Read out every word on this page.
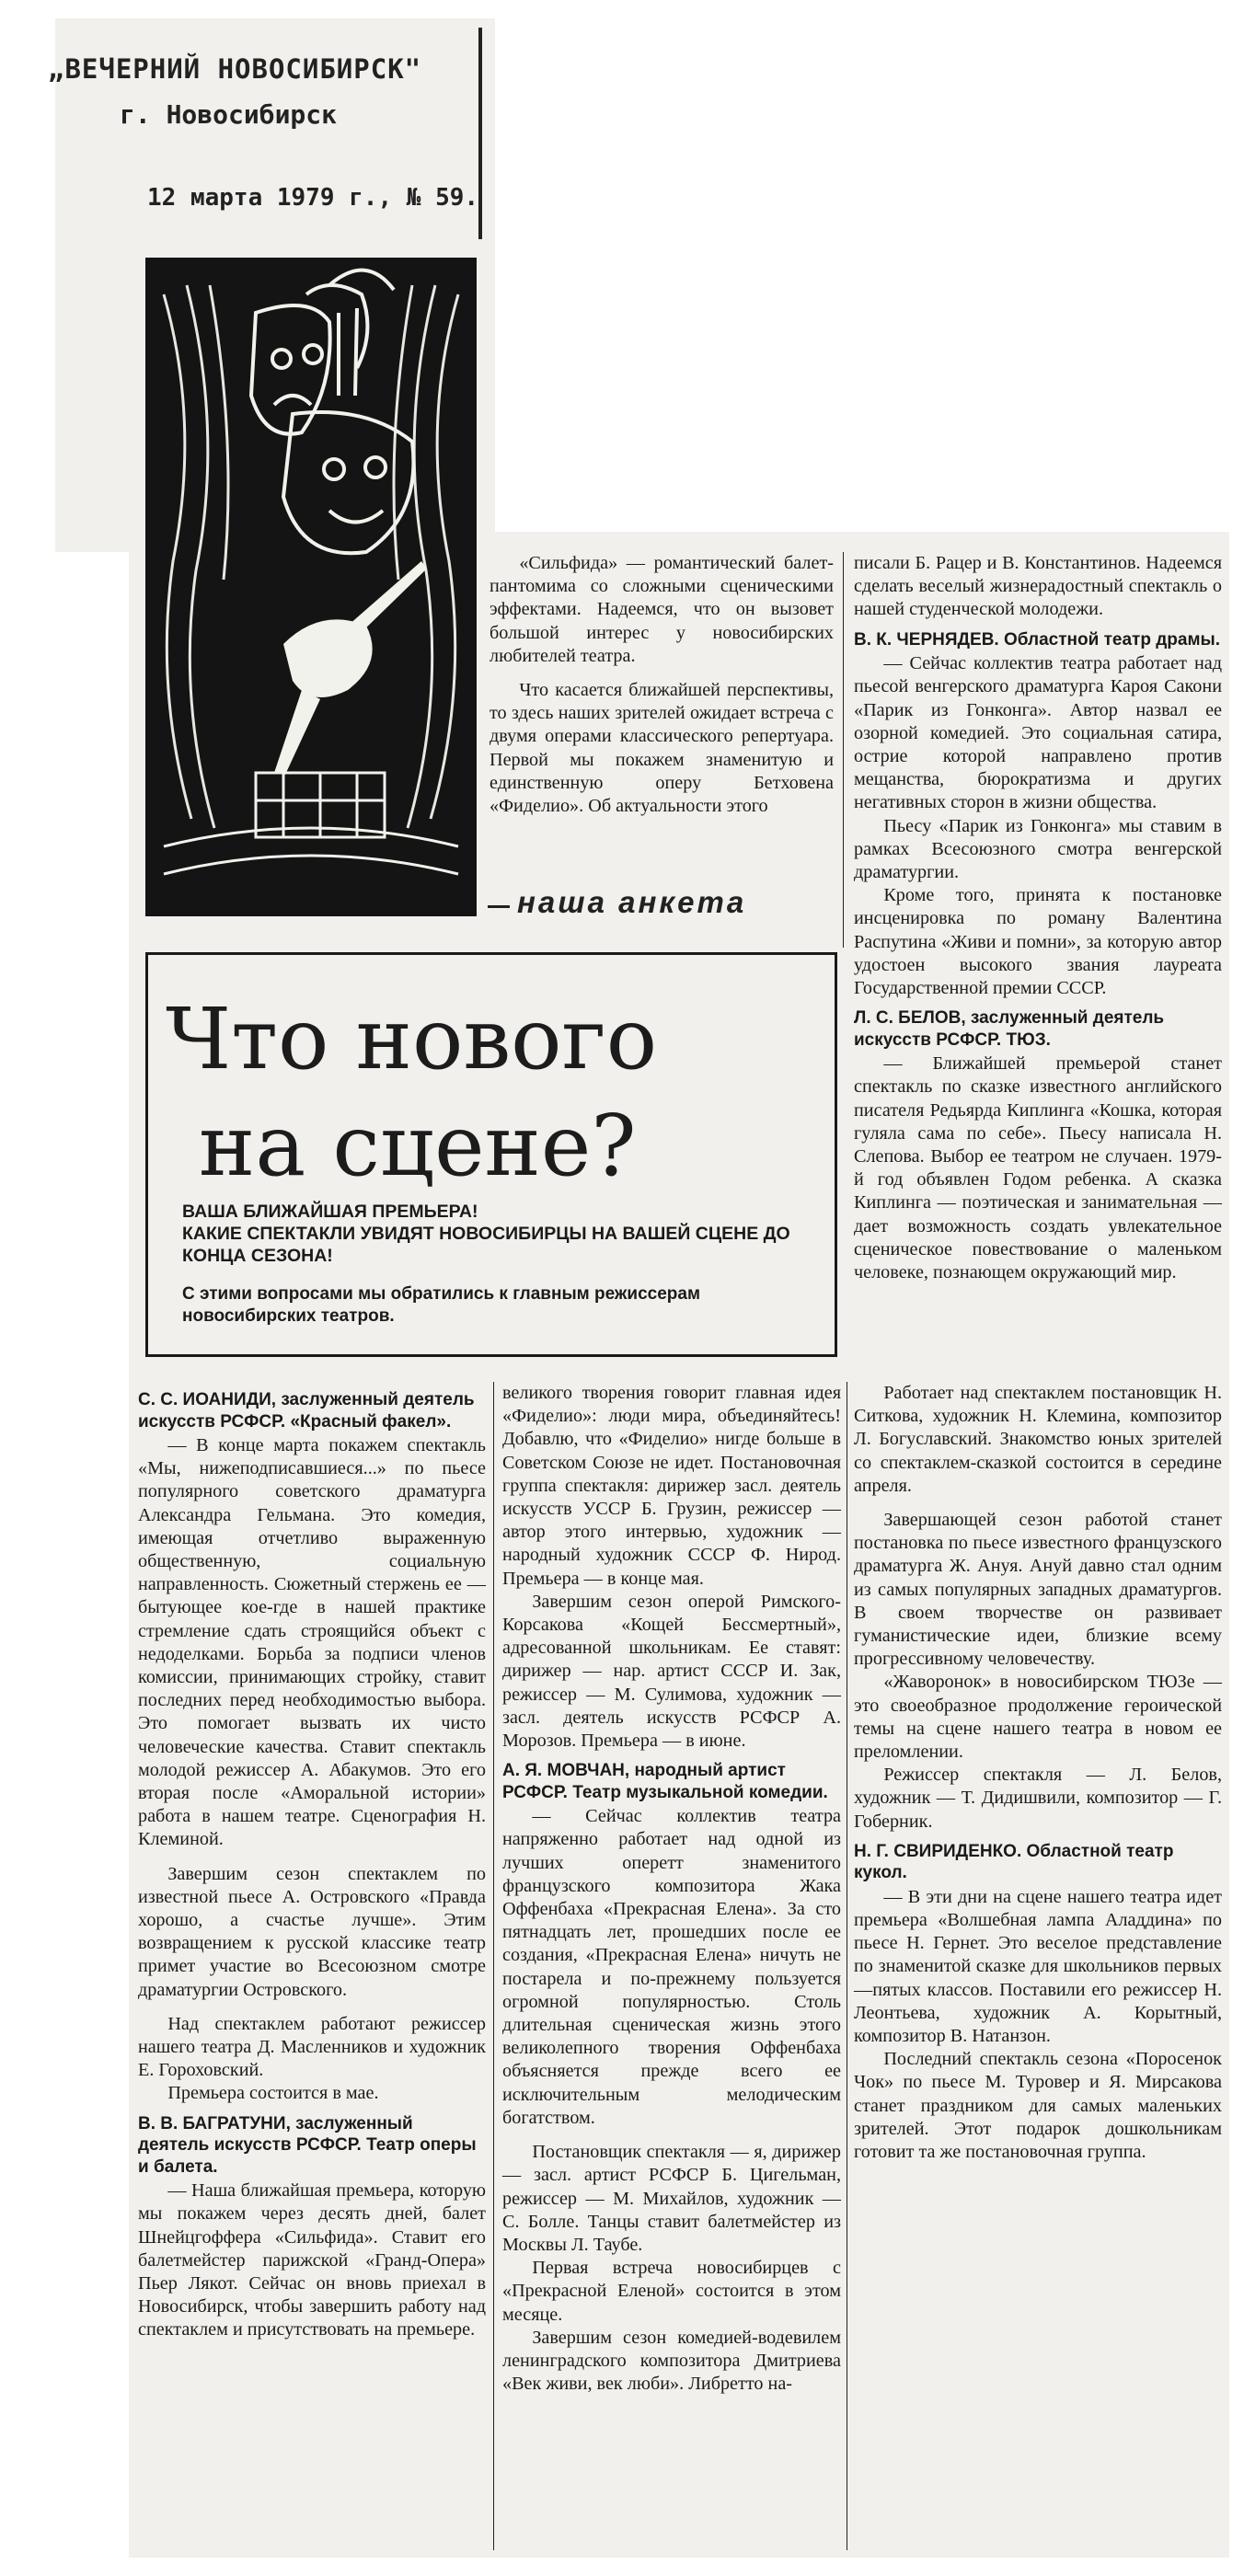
„ВЕЧЕРНИЙ НОВОСИБИРСК"
г. Новосибирск
12 марта 1979 г., № 59.

«Сильфида» — романтический балет-пантомима со сложными сценическими эффектами. Надеемся, что он вызовет большой интерес у новосибирских любителей театра.

Что касается ближайшей перспективы, то здесь наших зрителей ожидает встреча с двумя операми классического репертуара. Первой мы покажем знаменитую и единственную оперу Бетховена «Фиделио». Об актуальности этого

писали Б. Рацер и В. Константинов. Надеемся сделать веселый жизнерадостный спектакль о нашей студенческой молодежи.

В. К. ЧЕРНЯДЕВ. Областной театр драмы.

— Сейчас коллектив театра работает над пьесой венгерского драматурга Кароя Сакони «Парик из Гонконга». Автор назвал ее озорной комедией. Это социальная сатира, острие которой направлено против мещанства, бюрократизма и других негативных сторон в жизни общества.

Пьесу «Парик из Гонконга» мы ставим в рамках Всесоюзного смотра венгерской драматургии.

Кроме того, принята к постановке инсценировка по роману Валентина Распутина «Живи и помни», за которую автор удостоен высокого звания лауреата Государственной премии СССР.

Л. С. БЕЛОВ, заслуженный деятель искусств РСФСР. ТЮЗ.

— Ближайшей премьерой станет спектакль по сказке известного английского писателя Редьярда Киплинга «Кошка, которая гуляла сама по себе». Пьесу написала Н. Слепова. Выбор ее театром не случаен. 1979-й год объявлен Годом ребенка. А сказка Киплинга — поэтическая и занимательная — дает возможность создать увлекательное сценическое повествование о маленьком человеке, познающем окружающий мир.

наша анкета
Что нового
на сцене?
ВАША БЛИЖАЙШАЯ ПРЕМЬЕРА!
КАКИЕ СПЕКТАКЛИ УВИДЯТ НОВОСИБИРЦЫ НА ВАШЕЙ СЦЕНЕ ДО КОНЦА СЕЗОНА!
С этими вопросами мы обратились к главным режиссерам новосибирских театров.

С. С. ИОАНИДИ, заслуженный деятель искусств РСФСР. «Красный факел».

— В конце марта покажем спектакль «Мы, нижеподписавшиеся...» по пьесе популярного советского драматурга Александра Гельмана. Это комедия, имеющая отчетливо выраженную общественную, социальную направленность. Сюжетный стержень ее — бытующее кое-где в нашей практике стремление сдать строящийся объект с недоделками. Борьба за подписи членов комиссии, принимающих стройку, ставит последних перед необходимостью выбора. Это помогает вызвать их чисто человеческие качества. Ставит спектакль молодой режиссер А. Абакумов. Это его вторая после «Аморальной истории» работа в нашем театре. Сценография Н. Клеминой.

Завершим сезон спектаклем по известной пьесе А. Островского «Правда хорошо, а счастье лучше». Этим возвращением к русской классике театр примет участие во Всесоюзном смотре драматургии Островского.

Над спектаклем работают режиссер нашего театра Д. Масленников и художник Е. Гороховский.

Премьера состоится в мае.

В. В. БАГРАТУНИ, заслуженный деятель искусств РСФСР. Театр оперы и балета.

— Наша ближайшая премьера, которую мы покажем через десять дней, балет Шнейцгоффера «Сильфида». Ставит его балетмейстер парижской «Гранд-Опера» Пьер Лякот. Сейчас он вновь приехал в Новосибирск, чтобы завершить работу над спектаклем и присутствовать на премьере.

великого творения говорит главная идея «Фиделио»: люди мира, объединяйтесь! Добавлю, что «Фиделио» нигде больше в Советском Союзе не идет. Постановочная группа спектакля: дирижер засл. деятель искусств УССР Б. Грузин, режиссер — автор этого интервью, художник — народный художник СССР Ф. Нирод. Премьера — в конце мая.

Завершим сезон оперой Римского-Корсакова «Кощей Бессмертный», адресованной школьникам. Ее ставят: дирижер — нар. артист СССР И. Зак, режиссер — М. Сулимова, художник — засл. деятель искусств РСФСР А. Морозов. Премьера — в июне.

А. Я. МОВЧАН, народный артист РСФСР. Театр музыкальной комедии.

— Сейчас коллектив театра напряженно работает над одной из лучших оперетт знаменитого французского композитора Жака Оффенбаха «Прекрасная Елена». За сто пятнадцать лет, прошедших после ее создания, «Прекрасная Елена» ничуть не постарела и по-прежнему пользуется огромной популярностью. Столь длительная сценическая жизнь этого великолепного творения Оффенбаха объясняется прежде всего ее исключительным мелодическим богатством.

Постановщик спектакля — я, дирижер — засл. артист РСФСР Б. Цигельман, режиссер — М. Михайлов, художник — С. Болле. Танцы ставит балетмейстер из Москвы Л. Таубе.

Первая встреча новосибирцев с «Прекрасной Еленой» состоится в этом месяце.

Завершим сезон комедией-водевилем ленинградского композитора Дмитриева «Век живи, век люби». Либретто на-

Работает над спектаклем постановщик Н. Ситкова, художник Н. Клемина, композитор Л. Богуславский. Знакомство юных зрителей со спектаклем-сказкой состоится в середине апреля.

Завершающей сезон работой станет постановка по пьесе известного французского драматурга Ж. Ануя. Ануй давно стал одним из самых популярных западных драматургов. В своем творчестве он развивает гуманистические идеи, близкие всему прогрессивному человечеству.

«Жаворонок» в новосибирском ТЮЗе — это своеобразное продолжение героической темы на сцене нашего театра в новом ее преломлении.

Режиссер спектакля — Л. Белов, художник — Т. Дидишвили, композитор — Г. Гоберник.

Н. Г. СВИРИДЕНКО. Областной театр кукол.

— В эти дни на сцене нашего театра идет премьера «Волшебная лампа Аладдина» по пьесе Н. Гернет. Это веселое представление по знаменитой сказке для школьников первых—пятых классов. Поставили его режиссер Н. Леонтьева, художник А. Корытный, композитор В. Натанзон.

Последний спектакль сезона «Поросенок Чок» по пьесе М. Туровер и Я. Мирсакова станет праздником для самых маленьких зрителей. Этот подарок дошкольникам готовит та же постановочная группа.
